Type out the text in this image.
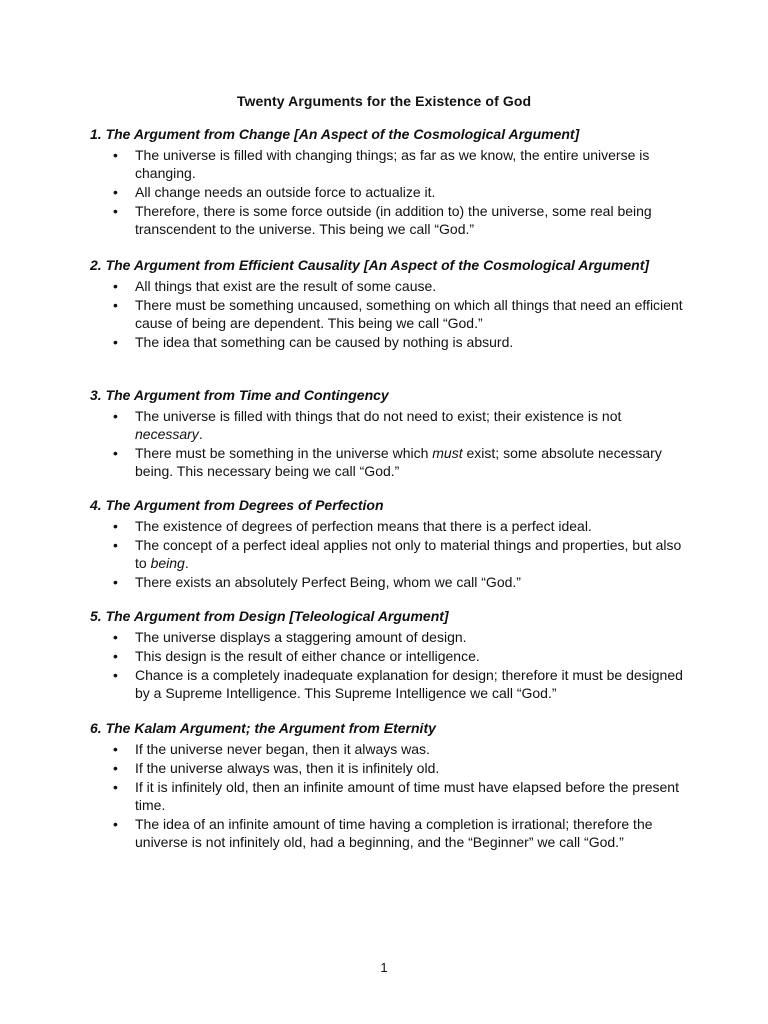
Twenty Arguments for the Existence of God
1. The Argument from Change [An Aspect of the Cosmological Argument]
• The universe is filled with changing things; as far as we know, the entire universe is changing.
• All change needs an outside force to actualize it.
• Therefore, there is some force outside (in addition to) the universe, some real being transcendent to the universe. This being we call “God.”
2. The Argument from Efficient Causality [An Aspect of the Cosmological Argument]
• All things that exist are the result of some cause.
• There must be something uncaused, something on which all things that need an efficient cause of being are dependent. This being we call “God.”
• The idea that something can be caused by nothing is absurd.
3. The Argument from Time and Contingency
• The universe is filled with things that do not need to exist; their existence is not necessary.
• There must be something in the universe which must exist; some absolute necessary being. This necessary being we call “God.”
4. The Argument from Degrees of Perfection
• The existence of degrees of perfection means that there is a perfect ideal.
• The concept of a perfect ideal applies not only to material things and properties, but also to being.
• There exists an absolutely Perfect Being, whom we call “God.”
5. The Argument from Design [Teleological Argument]
• The universe displays a staggering amount of design.
• This design is the result of either chance or intelligence.
• Chance is a completely inadequate explanation for design; therefore it must be designed by a Supreme Intelligence. This Supreme Intelligence we call “God.”
6. The Kalam Argument; the Argument from Eternity
• If the universe never began, then it always was.
• If the universe always was, then it is infinitely old.
• If it is infinitely old, then an infinite amount of time must have elapsed before the present time.
• The idea of an infinite amount of time having a completion is irrational; therefore the universe is not infinitely old, had a beginning, and the “Beginner” we call “God.”
1
